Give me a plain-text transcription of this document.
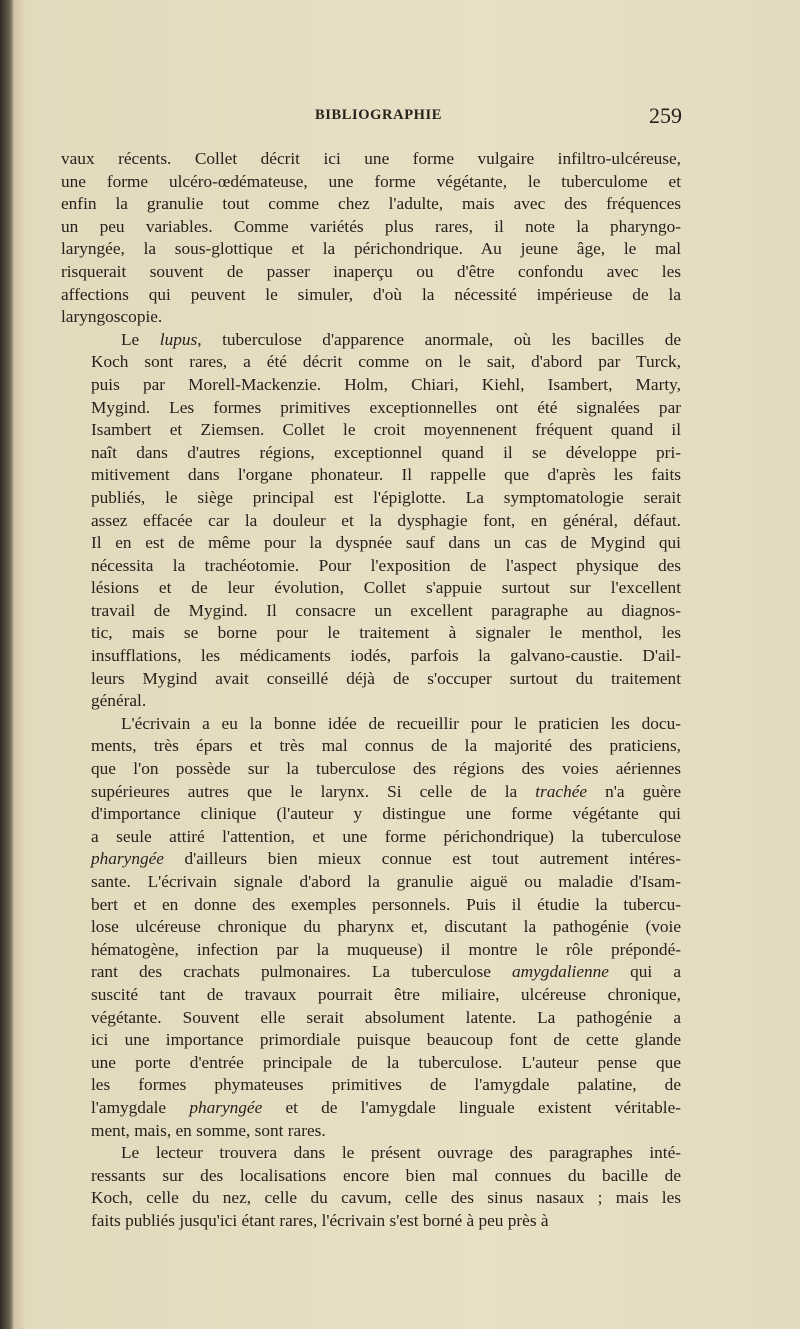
BIBLIOGRAPHIE	259

vaux récents. Collet décrit ici une forme vulgaire infiltro-ulcéreuse,
une forme ulcéro-œdémateuse, une forme végétante, le tuberculome et
enfin la granulie tout comme chez l'adulte, mais avec des fréquences
un peu variables. Comme variétés plus rares, il note la pharyngo-
laryngée, la sous-glottique et la périchondrique. Au jeune âge, le mal
risquerait souvent de passer inaperçu ou d'être confondu avec les
affections qui peuvent le simuler, d'où la nécessité impérieuse de la
laryngoscopie.

Le lupus, tuberculose d'apparence anormale, où les bacilles de
Koch sont rares, a été décrit comme on le sait, d'abord par Turck,
puis par Morell-Mackenzie. Holm, Chiari, Kiehl, Isambert, Marty,
Mygind. Les formes primitives exceptionnelles ont été signalées par
Isambert et Ziemsen. Collet le croit moyennenent fréquent quand il
naît dans d'autres régions, exceptionnel quand il se développe pri-
mitivement dans l'organe phonateur. Il rappelle que d'après les faits
publiés, le siège principal est l'épiglotte. La symptomatologie serait
assez effacée car la douleur et la dysphagie font, en général, défaut.
Il en est de même pour la dyspnée sauf dans un cas de Mygind qui
nécessita la trachéotomie. Pour l'exposition de l'aspect physique des
lésions et de leur évolution, Collet s'appuie surtout sur l'excellent
travail de Mygind. Il consacre un excellent paragraphe au diagnos-
tic, mais se borne pour le traitement à signaler le menthol, les
insufflations, les médicaments iodés, parfois la galvano-caustie. D'ail-
leurs Mygind avait conseillé déjà de s'occuper surtout du traitement
général.

L'écrivain a eu la bonne idée de recueillir pour le praticien les docu-
ments, très épars et très mal connus de la majorité des praticiens,
que l'on possède sur la tuberculose des régions des voies aériennes
supérieures autres que le larynx. Si celle de la trachée n'a guère
d'importance clinique (l'auteur y distingue une forme végétante qui
a seule attiré l'attention, et une forme périchondrique) la tuberculose
pharyngée d'ailleurs bien mieux connue est tout autrement intéres-
sante. L'écrivain signale d'abord la granulie aiguë ou maladie d'Isam-
bert et en donne des exemples personnels. Puis il étudie la tubercu-
lose ulcéreuse chronique du pharynx et, discutant la pathogénie (voie
hématogène, infection par la muqueuse) il montre le rôle prépondé-
rant des crachats pulmonaires. La tuberculose amygdalienne qui a
suscité tant de travaux pourrait être miliaire, ulcéreuse chronique,
végétante. Souvent elle serait absolument latente. La pathogénie a
ici une importance primordiale puisque beaucoup font de cette glande
une porte d'entrée principale de la tuberculose. L'auteur pense que
les formes phymateuses primitives de l'amygdale palatine, de
l'amygdale pharyngée et de l'amygdale linguale existent véritable-
ment, mais, en somme, sont rares.

Le lecteur trouvera dans le présent ouvrage des paragraphes inté-
ressants sur des localisations encore bien mal connues du bacille de
Koch, celle du nez, celle du cavum, celle des sinus nasaux ; mais les
faits publiés jusqu'ici étant rares, l'écrivain s'est borné à peu près à
